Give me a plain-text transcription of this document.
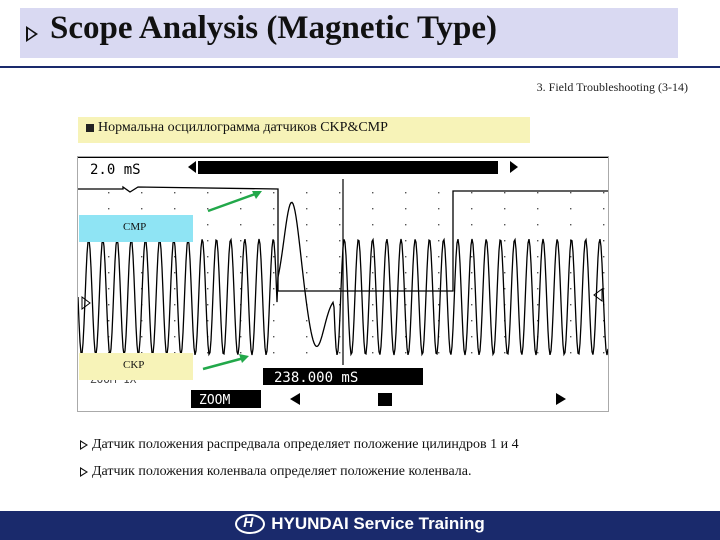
Scope Analysis (Magnetic Type)
3. Field Troubleshooting (3-14)
Нормальна осциллограмма датчиков CKP&CMP
2.0 mS
238.000 mS
ZOOM
CMP
CKP
Датчик положения распредвала определяет положение цилиндров 1 и 4
Датчик положения коленвала определяет положение коленвала.
HHYUNDAI Service Training
